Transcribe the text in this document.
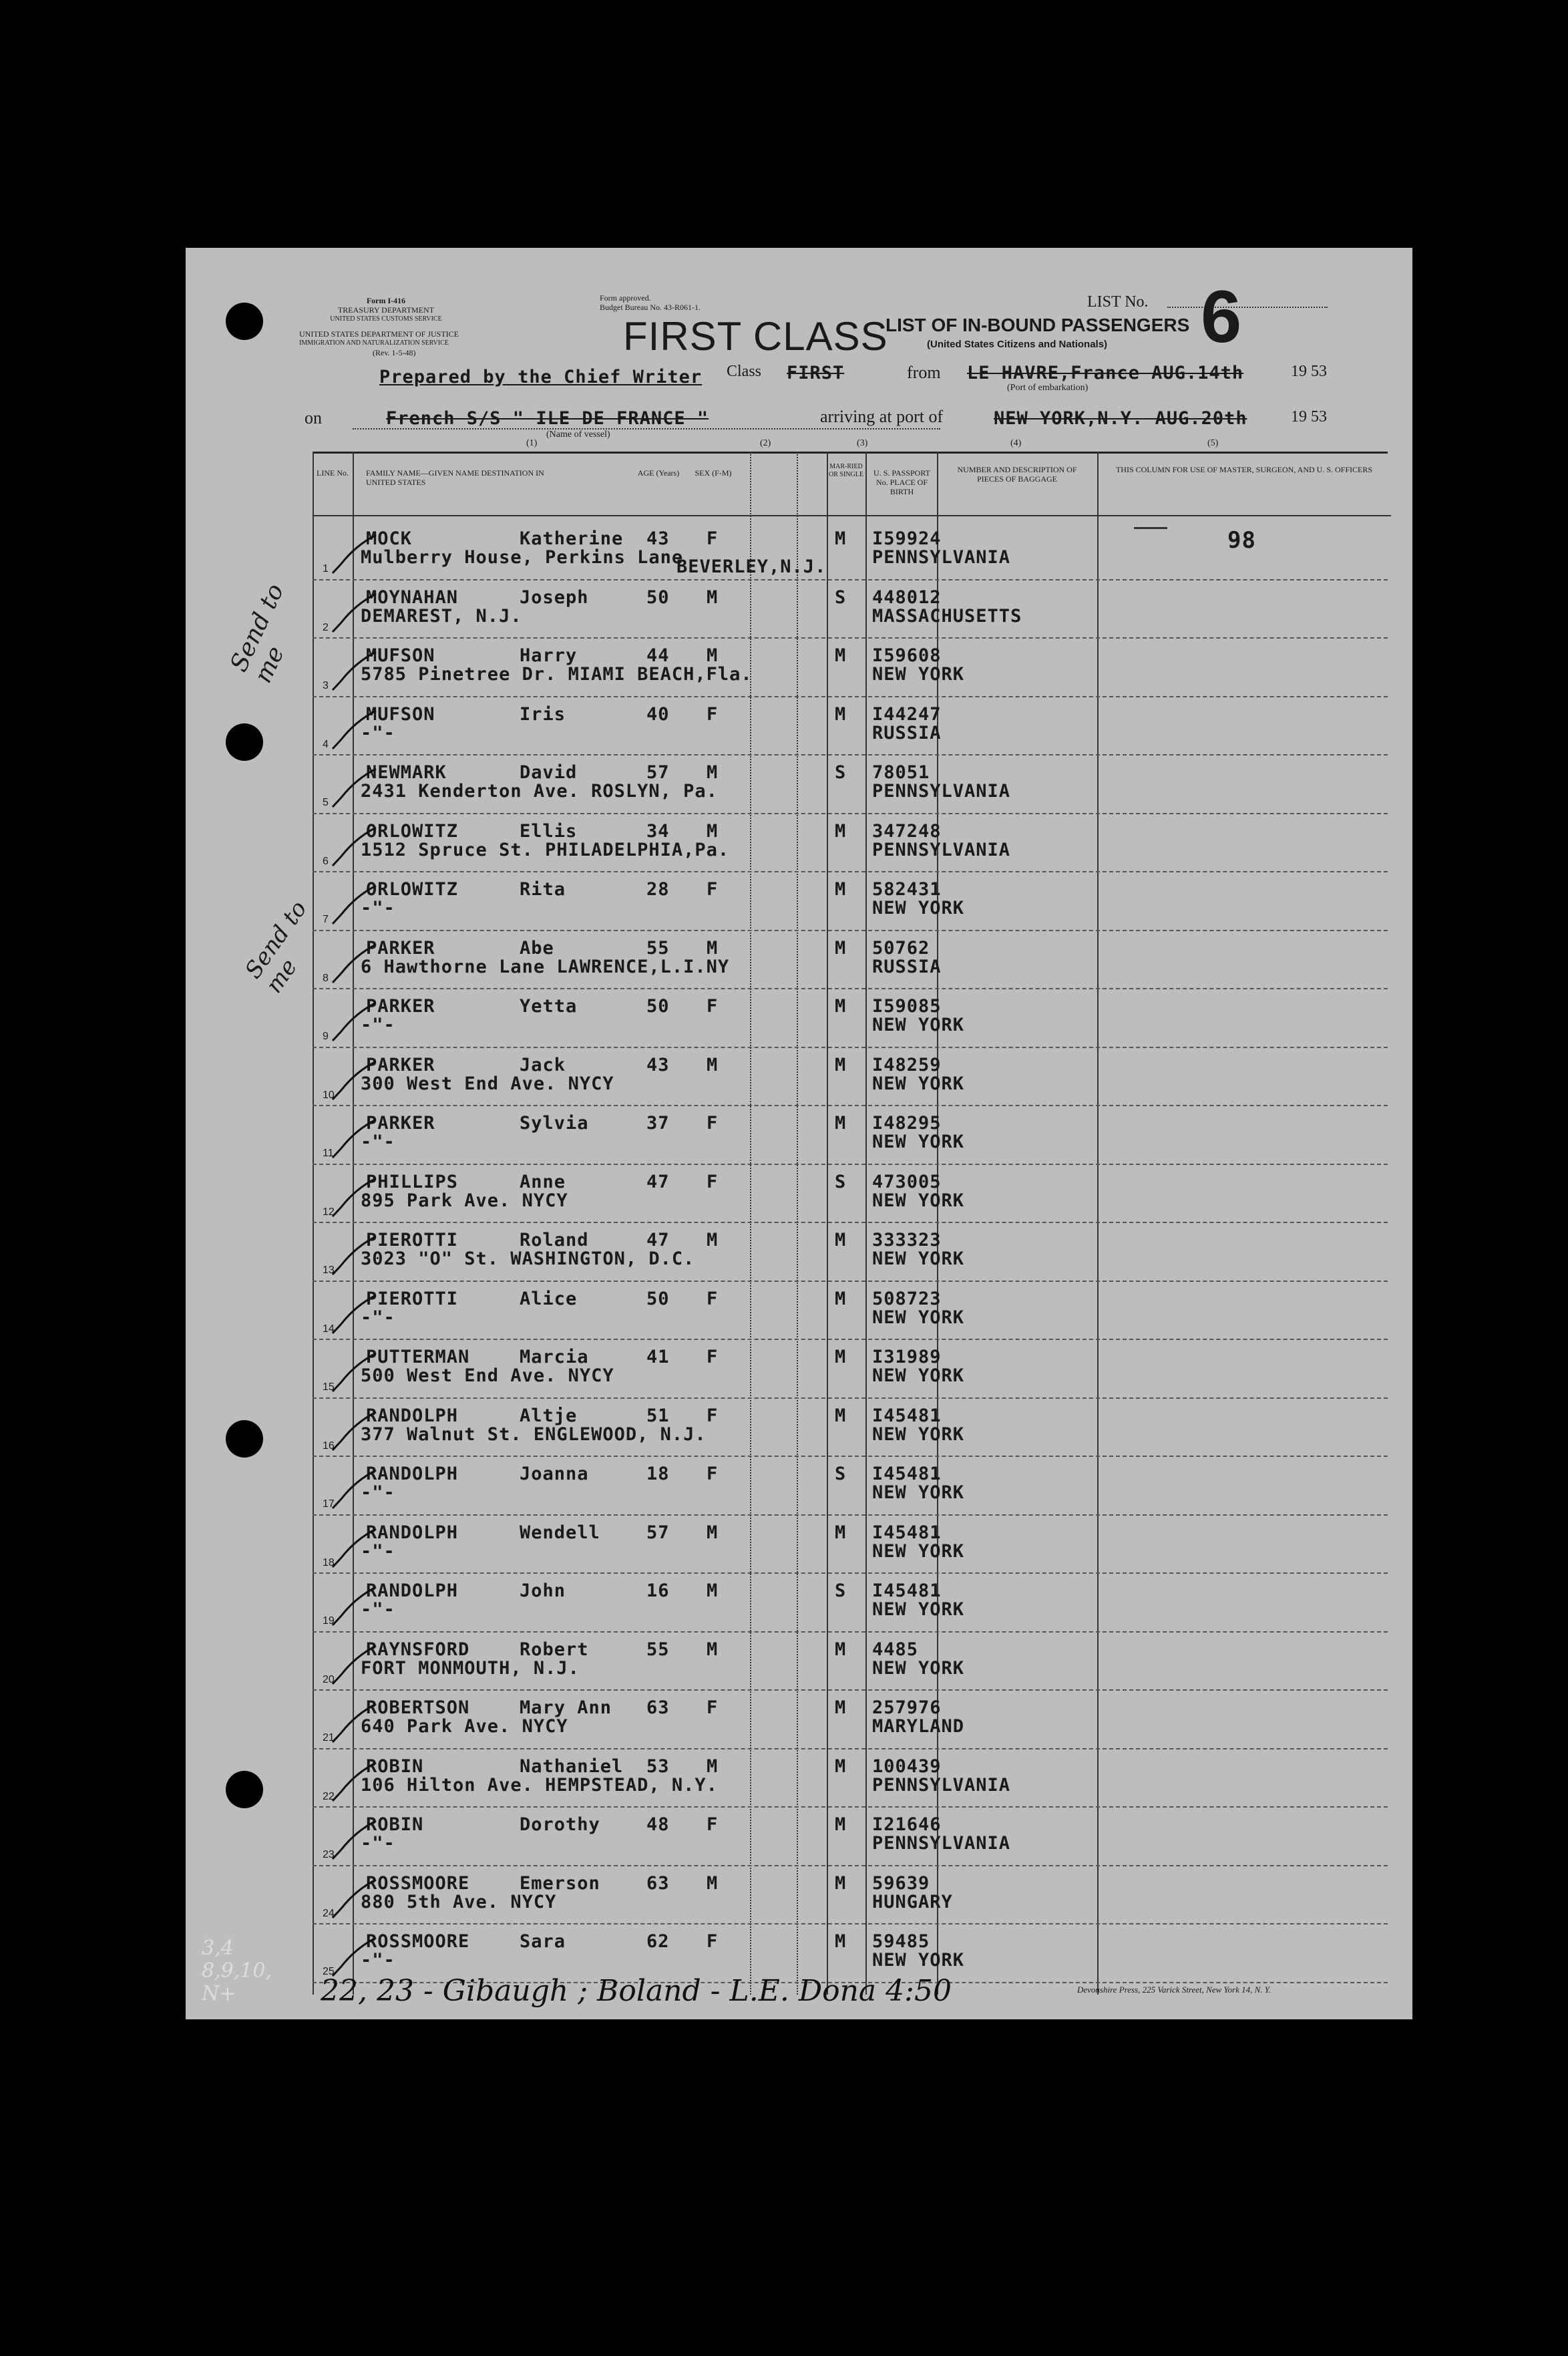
Form I-416
TREASURY DEPARTMENT
UNITED STATES CUSTOMS SERVICE
UNITED STATES DEPARTMENT OF JUSTICE
IMMIGRATION AND NATURALIZATION SERVICE
(Rev. 1-5-48)
Form approved.
Budget Bureau No. 43-R061-1.
FIRST CLASS
LIST OF IN-BOUND PASSENGERS
(United States Citizens and Nationals)
LIST No. 6
Prepared by the Chief Writer Class FIRST	from LE HAVRE,France AUG.14th	19 53
(Port of embarkation)
on	French S/S " ILE DE FRANCE "
(Name of vessel)
arriving at port of	NEW YORK,N.Y. AUG.20th	19 53
(1)	(2)	(3)	(4)	(5)
LINE No. FAMILY NAME—GIVEN NAME DESTINATION IN UNITED STATES
AGE (Years)	SEX (F-M)
MAR-RIED OR SINGLE	U. S. PASSPORT No. PLACE OF BIRTH
NUMBER AND DESCRIPTION OF PIECES OF BAGGAGE
THIS COLUMN FOR USE OF MASTER, SURGEON, AND U. S. OFFICERS
98
1
MOCK	Katherine 43 F	M I59924
Mulberry House, Perkins Lane	PENNSYLVANIA
BEVERLEY,N.J.
2
MOYNAHAN	Joseph	50 M	S 448012
DEMAREST, N.J.	MASSACHUSETTS
3
MUFSON	Harry	44 M	M I59608
5785 Pinetree Dr. MIAMI BEACH,Fla.	NEW YORK
4
MUFSON	Iris	40 F	M I44247
-"-	RUSSIA
5
NEWMARK	David	57 M	S 78051
2431 Kenderton Ave. ROSLYN, Pa.	PENNSYLVANIA
6
ORLOWITZ	Ellis	34 M	M 347248
1512 Spruce St. PHILADELPHIA,Pa.	PENNSYLVANIA
7
ORLOWITZ	Rita	28 F	M 582431
-"-	NEW YORK
8
PARKER	Abe	55 M	M 50762
6 Hawthorne Lane LAWRENCE,L.I.NY	RUSSIA
9
PARKER	Yetta	50 F	M I59085
-"-	NEW YORK
10
PARKER	Jack	43 M	M I48259
300 West End Ave. NYCY	NEW YORK
11
PARKER	Sylvia	37 F	M I48295
-"-	NEW YORK
12
PHILLIPS	Anne	47 F	S 473005
895 Park Ave. NYCY	NEW YORK
13
PIEROTTI	Roland	47 M	M 333323
3023 "O" St. WASHINGTON, D.C.	NEW YORK
14
PIEROTTI	Alice	50 F	M 508723
-"-	NEW YORK
15
PUTTERMAN	Marcia	41 F	M I31989
500 West End Ave. NYCY	NEW YORK
16
RANDOLPH	Altje	51 F	M I45481
377 Walnut St. ENGLEWOOD, N.J.	NEW YORK
17
RANDOLPH	Joanna	18 F	S I45481
-"-	NEW YORK
18
RANDOLPH	Wendell	57 M	M I45481
-"-	NEW YORK
19
RANDOLPH	John	16 M	S I45481
-"-	NEW YORK
20
RAYNSFORD	Robert	55 M	M 4485
FORT MONMOUTH, N.J.	NEW YORK
21
ROBERTSON	Mary Ann 63 F	M 257976
640 Park Ave. NYCY	MARYLAND
22
ROBIN	Nathaniel 53 M	M 100439
106 Hilton Ave. HEMPSTEAD, N.Y.	PENNSYLVANIA
23
ROBIN	Dorothy	48 F	M I21646
-"-	PENNSYLVANIA
24
ROSSMOORE	Emerson	63 M	M 59639
880 5th Ave. NYCY	HUNGARY
25
ROSSMOORE	Sara	62 F	M 59485
-"-	NEW YORK
Devonshire Press, 225 Varick Street, New York 14, N. Y.
Send to me
Send to me
3,4 8,9,10, N+	22, 23 - Gibaugh ; Boland - L.E. Dona 4:50
